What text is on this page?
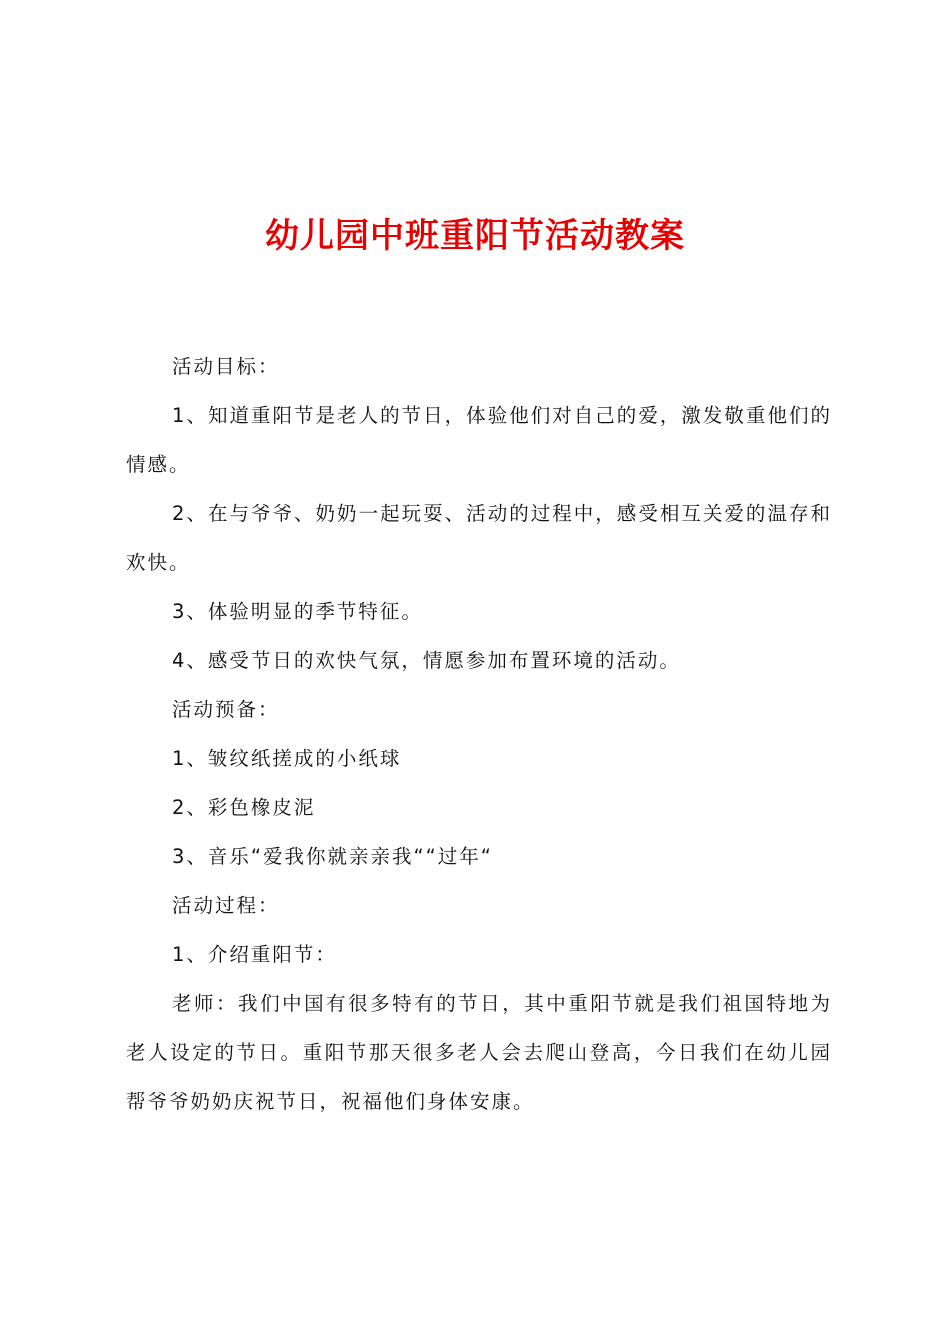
幼儿园中班重阳节活动教案

活动目标：

1、知道重阳节是老人的节日，体验他们对自己的爱，激发敬重他们的情感。

2、在与爷爷、奶奶一起玩耍、活动的过程中，感受相互关爱的温存和欢快。

3、体验明显的季节特征。

4、感受节日的欢快气氛，情愿参加布置环境的活动。

活动预备：

1、皱纹纸搓成的小纸球

2、彩色橡皮泥

3、音乐“爱我你就亲亲我““过年“

活动过程：

1、介绍重阳节：

老师：我们中国有很多特有的节日，其中重阳节就是我们祖国特地为老人设定的节日。重阳节那天很多老人会去爬山登高，今日我们在幼儿园帮爷爷奶奶庆祝节日，祝福他们身体安康。
